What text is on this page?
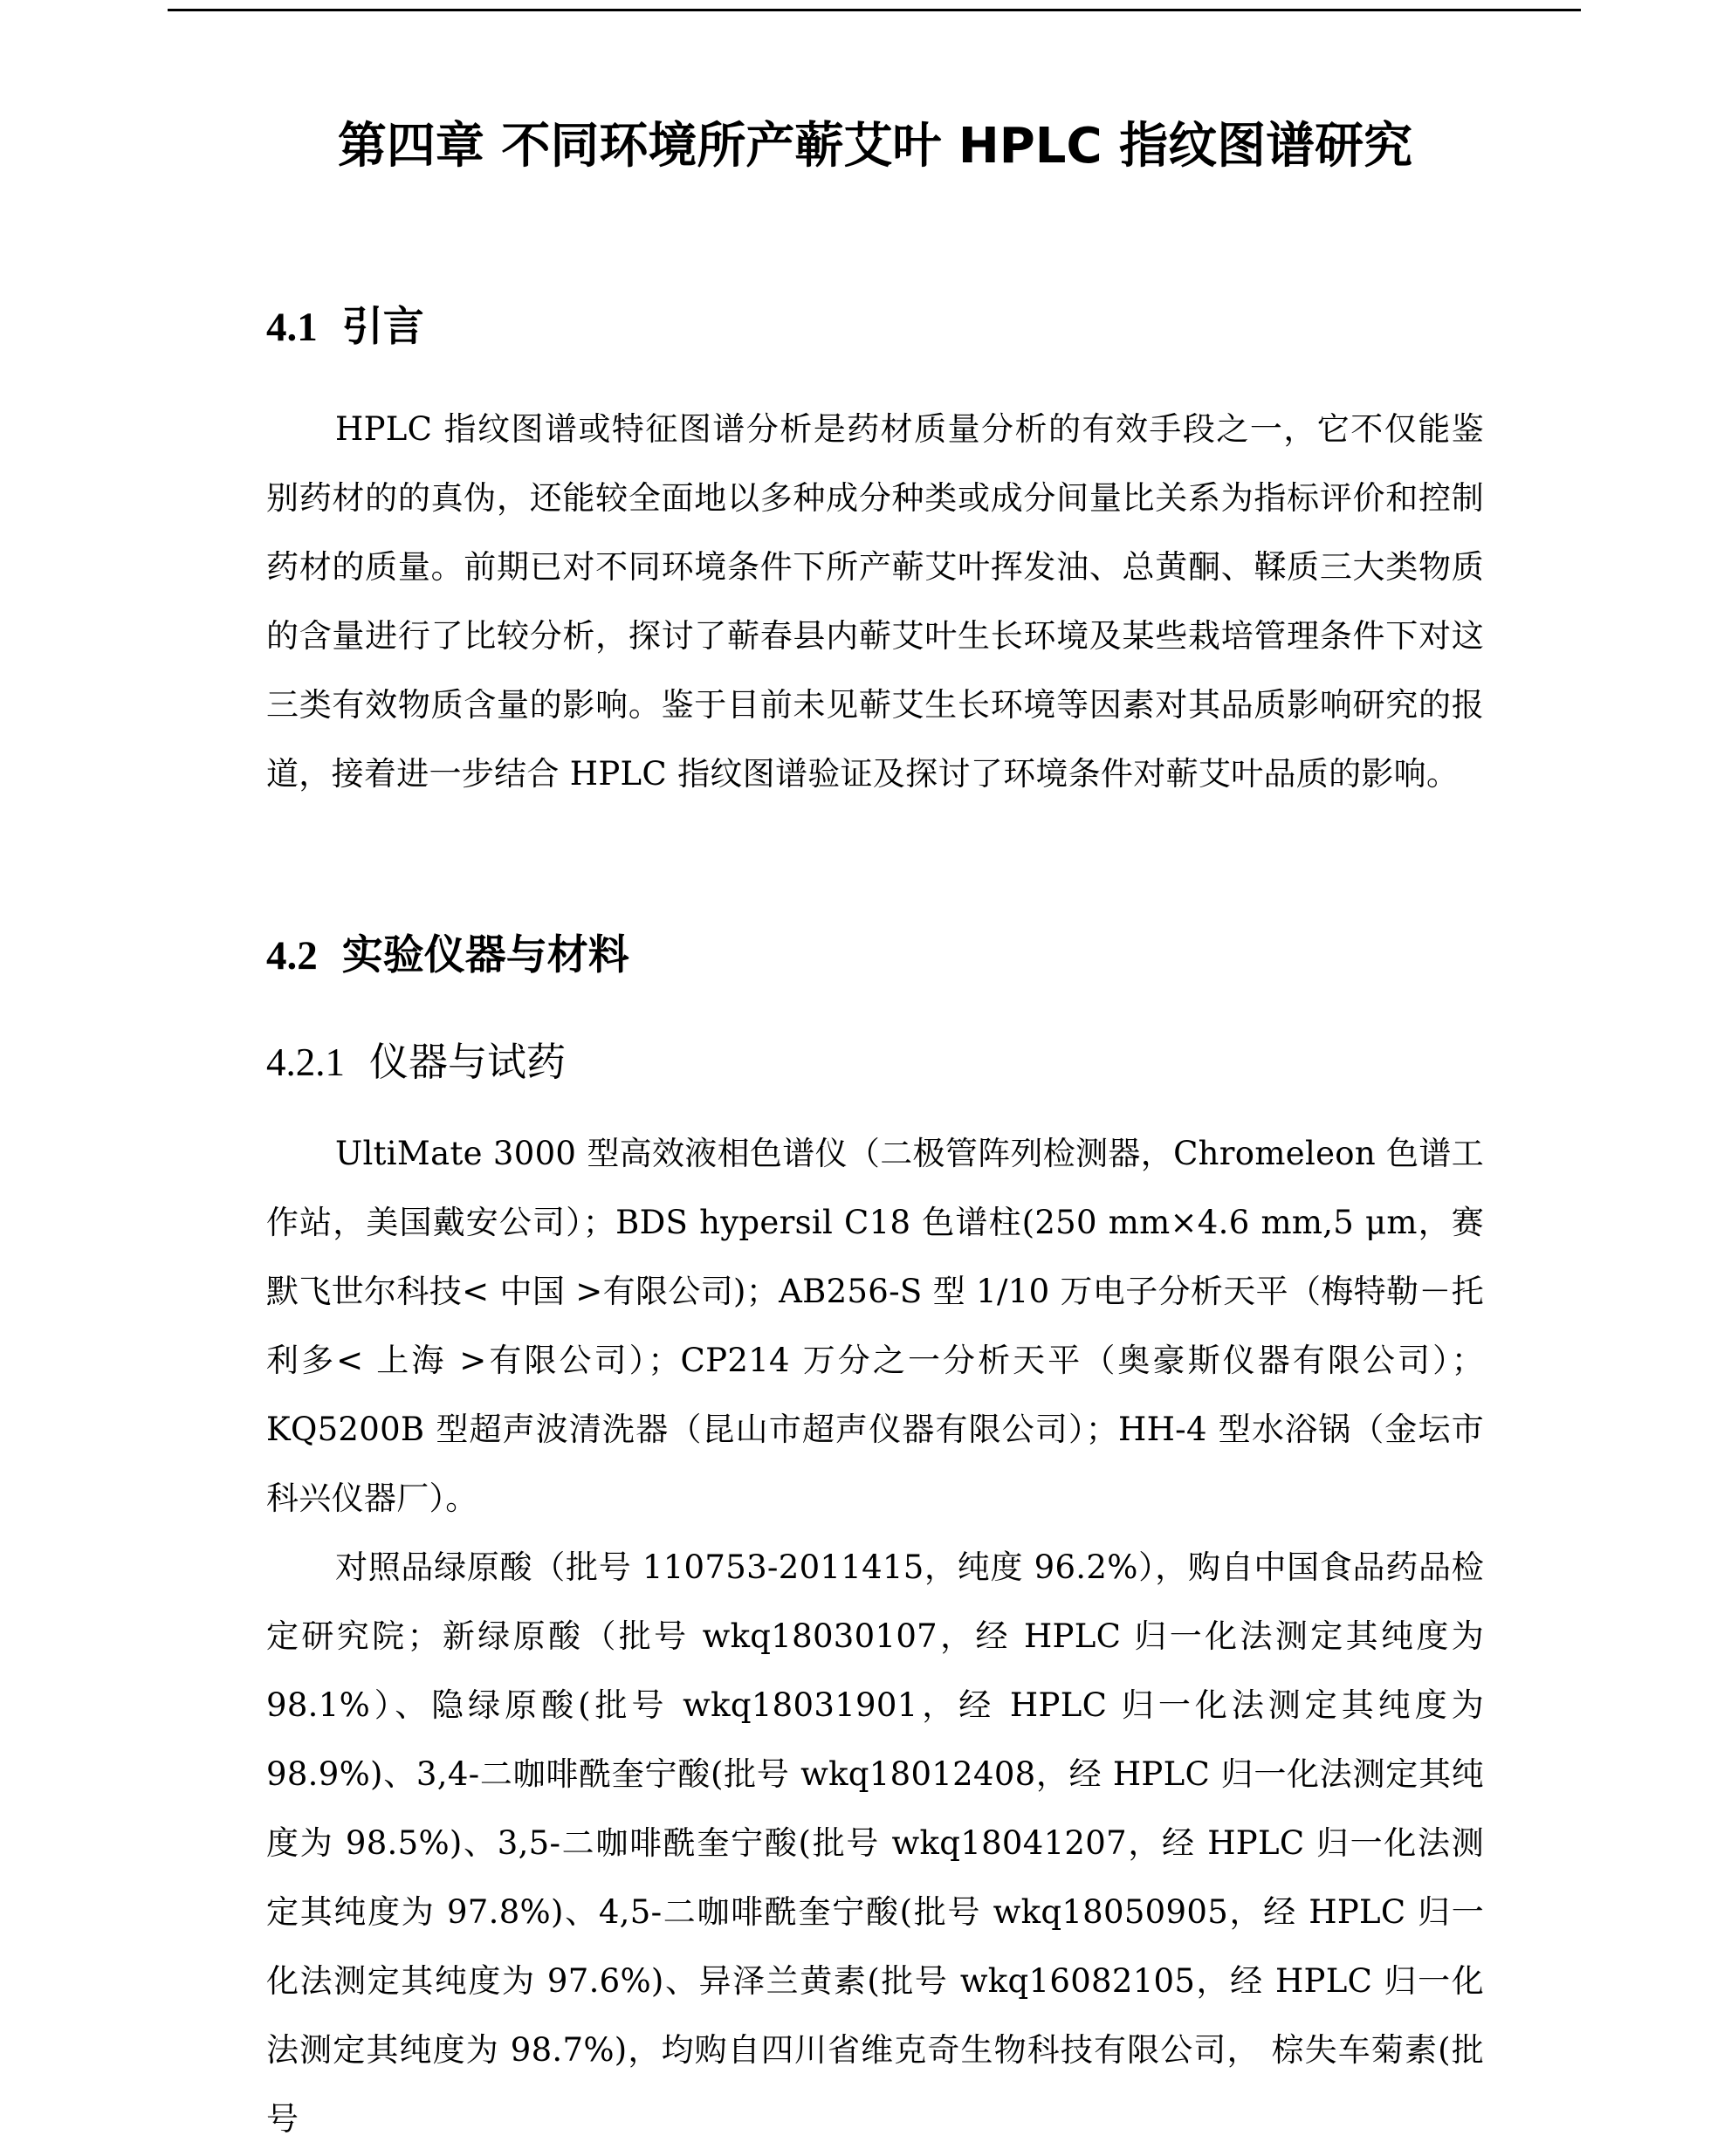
第四章 不同环境所产蕲艾叶 HPLC 指纹图谱研究
4.1 引言

HPLC 指纹图谱或特征图谱分析是药材质量分析的有效手段之一，它不仅能鉴别药材的的真伪，还能较全面地以多种成分种类或成分间量比关系为指标评价和控制药材的质量。前期已对不同环境条件下所产蕲艾叶挥发油、总黄酮、鞣质三大类物质的含量进行了比较分析，探讨了蕲春县内蕲艾叶生长环境及某些栽培管理条件下对这三类有效物质含量的影响。鉴于目前未见蕲艾生长环境等因素对其品质影响研究的报道，接着进一步结合 HPLC 指纹图谱验证及探讨了环境条件对蕲艾叶品质的影响。

4.2 实验仪器与材料
4.2.1 仪器与试药

UltiMate 3000 型高效液相色谱仪（二极管阵列检测器，Chromeleon 色谱工作站，美国戴安公司）；BDS hypersil C18 色谱柱(250 mm×4.6 mm,5 μm，赛默飞世尔科技< 中国 >有限公司)；AB256-S 型 1/10 万电子分析天平（梅特勒－托利多< 上海 >有限公司）；CP214 万分之一分析天平（奥豪斯仪器有限公司）；KQ5200B 型超声波清洗器（昆山市超声仪器有限公司）；HH-4 型水浴锅（金坛市科兴仪器厂）。

对照品绿原酸（批号 110753-2011415，纯度 96.2%），购自中国食品药品检定研究院；新绿原酸（批号 wkq18030107，经 HPLC 归一化法测定其纯度为 98.1%）、隐绿原酸(批号 wkq18031901，经 HPLC 归一化法测定其纯度为 98.9%)、3,4-二咖啡酰奎宁酸(批号 wkq18012408，经 HPLC 归一化法测定其纯度为 98.5%)、3,5-二咖啡酰奎宁酸(批号 wkq18041207，经 HPLC 归一化法测定其纯度为 97.8%)、4,5-二咖啡酰奎宁酸(批号 wkq18050905，经 HPLC 归一化法测定其纯度为 97.6%)、异泽兰黄素(批号 wkq16082105，经 HPLC 归一化法测定其纯度为 98.7%)，均购自四川省维克奇生物科技有限公司， 棕失车菊素(批号
